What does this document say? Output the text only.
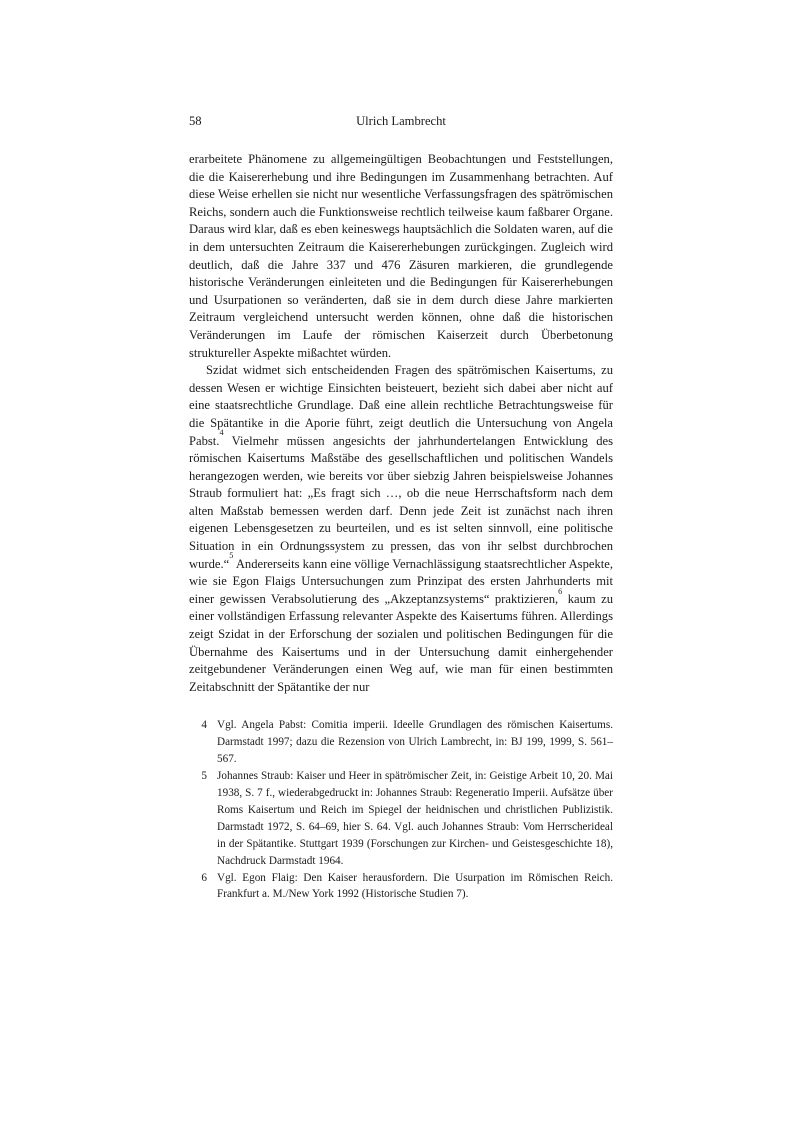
58	Ulrich Lambrecht

erarbeitete Phänomene zu allgemeingültigen Beobachtungen und Feststellungen, die die Kaisererhebung und ihre Bedingungen im Zusammenhang betrachten. Auf diese Weise erhellen sie nicht nur wesentliche Verfassungsfragen des spätrömischen Reichs, sondern auch die Funktionsweise rechtlich teilweise kaum faßbarer Organe. Daraus wird klar, daß es eben keineswegs hauptsächlich die Soldaten waren, auf die in dem untersuchten Zeitraum die Kaisererhebungen zurückgingen. Zugleich wird deutlich, daß die Jahre 337 und 476 Zäsuren markieren, die grundlegende historische Veränderungen einleiteten und die Bedingungen für Kaisererhebungen und Usurpationen so veränderten, daß sie in dem durch diese Jahre markierten Zeitraum vergleichend untersucht werden können, ohne daß die historischen Veränderungen im Laufe der römischen Kaiserzeit durch Überbetonung struktureller Aspekte mißachtet würden.

Szidat widmet sich entscheidenden Fragen des spätrömischen Kaisertums, zu dessen Wesen er wichtige Einsichten beisteuert, bezieht sich dabei aber nicht auf eine staatsrechtliche Grundlage. Daß eine allein rechtliche Betrachtungsweise für die Spätantike in die Aporie führt, zeigt deutlich die Untersuchung von Angela Pabst.$^4$ Vielmehr müssen angesichts der jahrhundertelangen Entwicklung des römischen Kaisertums Maßstäbe des gesellschaftlichen und politischen Wandels herangezogen werden, wie bereits vor über siebzig Jahren beispielsweise Johannes Straub formuliert hat: „Es fragt sich …, ob die neue Herrschaftsform nach dem alten Maßstab bemessen werden darf. Denn jede Zeit ist zunächst nach ihren eigenen Lebensgesetzen zu beurteilen, und es ist selten sinnvoll, eine politische Situation in ein Ordnungssystem zu pressen, das von ihr selbst durchbrochen wurde.“$^5$ Andererseits kann eine völlige Vernachlässigung staatsrechtlicher Aspekte, wie sie Egon Flaigs Untersuchungen zum Prinzipat des ersten Jahrhunderts mit einer gewissen Verabsolutierung des „Akzeptanzsystems“ praktizieren,$^6$ kaum zu einer vollständigen Erfassung relevanter Aspekte des Kaisertums führen. Allerdings zeigt Szidat in der Erforschung der sozialen und politischen Bedingungen für die Übernahme des Kaisertums und in der Untersuchung damit einhergehender zeitgebundener Veränderungen einen Weg auf, wie man für einen bestimmten Zeitabschnitt der Spätantike der nur

4 Vgl. Angela Pabst: Comitia imperii. Ideelle Grundlagen des römischen Kaisertums. Darmstadt 1997; dazu die Rezension von Ulrich Lambrecht, in: BJ 199, 1999, S. 561–567.
5 Johannes Straub: Kaiser und Heer in spätrömischer Zeit, in: Geistige Arbeit 10, 20. Mai 1938, S. 7 f., wiederabgedruckt in: Johannes Straub: Regeneratio Imperii. Aufsätze über Roms Kaisertum und Reich im Spiegel der heidnischen und christlichen Publizistik. Darmstadt 1972, S. 64–69, hier S. 64. Vgl. auch Johannes Straub: Vom Herrscherideal in der Spätantike. Stuttgart 1939 (Forschungen zur Kirchen- und Geistesgeschichte 18), Nachdruck Darmstadt 1964.
6 Vgl. Egon Flaig: Den Kaiser herausfordern. Die Usurpation im Römischen Reich. Frankfurt a. M./New York 1992 (Historische Studien 7).
